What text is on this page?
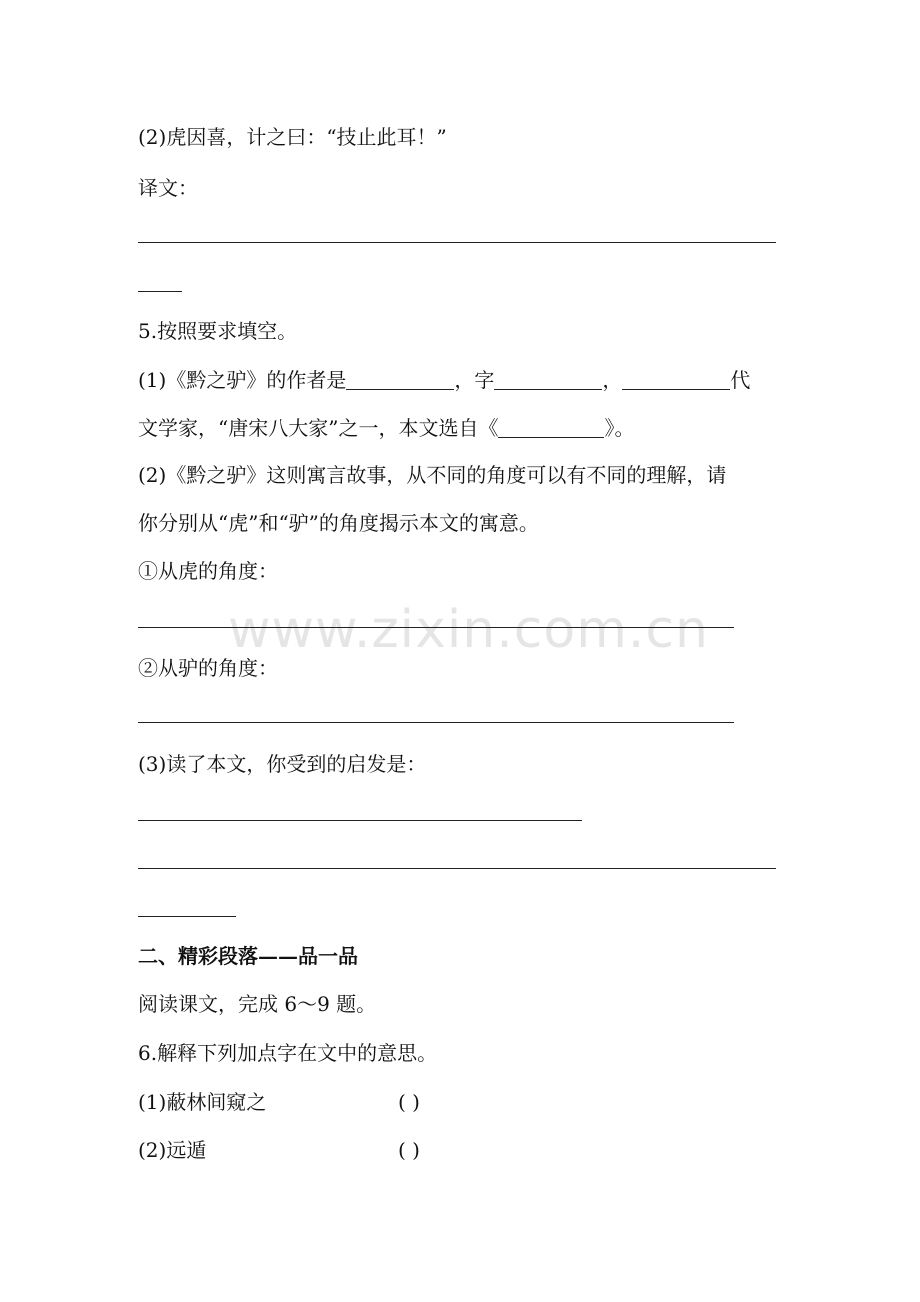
www.zixin.com.cn

(2)虎因喜，计之曰：“技止此耳！”

译文：

5.按照要求填空。

(1)《黔之驴》的作者是	，字	，	代

文学家，“唐宋八大家”之一，本文选自《	》。

(2)《黔之驴》这则寓言故事，从不同的角度可以有不同的理解，请

你分别从“虎”和“驴”的角度揭示本文的寓意。

①从虎的角度：

②从驴的角度：

(3)读了本文，你受到的启发是：

二、精彩段落——品一品

阅读课文，完成 6～9 题。

6.解释下列加点字在文中的意思。

(1)蔽林间窥之	( )

(2)远遁	( )
